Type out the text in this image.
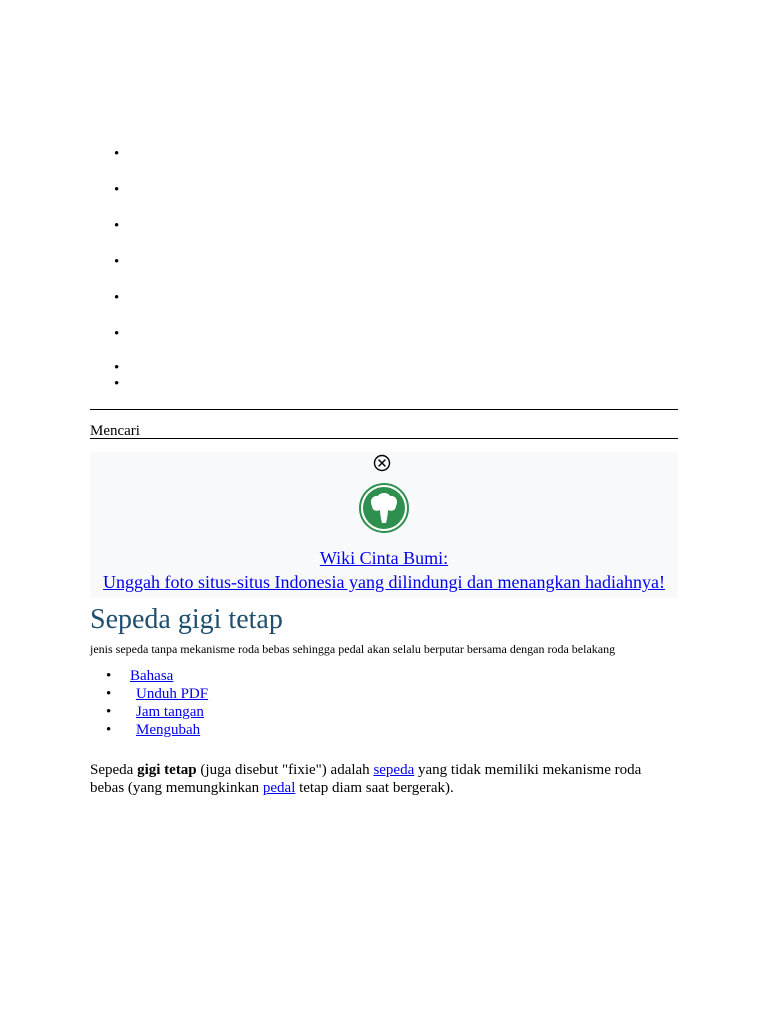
•
•
•
•
•
•
•
•
Mencari
Wiki Cinta Bumi:
Unggah foto situs-situs Indonesia yang dilindungi dan menangkan hadiahnya!
Sepeda gigi tetap
jenis sepeda tanpa mekanisme roda bebas sehingga pedal akan selalu berputar bersama dengan roda belakang
• Bahasa
• Unduh PDF
• Jam tangan
• Mengubah

Sepeda gigi tetap (juga disebut "fixie") adalah sepeda yang tidak memiliki mekanisme roda bebas (yang memungkinkan pedal tetap diam saat bergerak).
